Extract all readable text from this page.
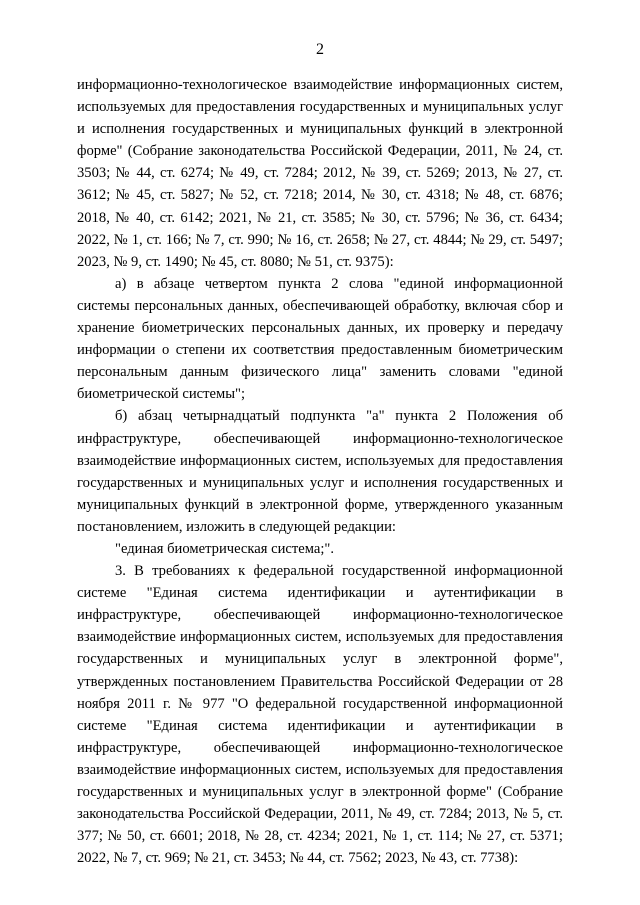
2

информационно-технологическое взаимодействие информационных систем, используемых для предоставления государственных и муниципальных услуг и исполнения государственных и муниципальных функций в электронной форме" (Собрание законодательства Российской Федерации, 2011, № 24, ст. 3503; № 44, ст. 6274; № 49, ст. 7284; 2012, № 39, ст. 5269; 2013, № 27, ст. 3612; № 45, ст. 5827; № 52, ст. 7218; 2014, № 30, ст. 4318; № 48, ст. 6876; 2018, № 40, ст. 6142; 2021, № 21, ст. 3585; № 30, ст. 5796; № 36, ст. 6434; 2022, № 1, ст. 166; № 7, ст. 990; № 16, ст. 2658; № 27, ст. 4844; № 29, ст. 5497; 2023, № 9, ст. 1490; № 45, ст. 8080; № 51, ст. 9375):

а) в абзаце четвертом пункта 2 слова "единой информационной системы персональных данных, обеспечивающей обработку, включая сбор и хранение биометрических персональных данных, их проверку и передачу информации о степени их соответствия предоставленным биометрическим персональным данным физического лица" заменить словами "единой биометрической системы";

б) абзац четырнадцатый подпункта "а" пункта 2 Положения об инфраструктуре, обеспечивающей информационно-технологическое взаимодействие информационных систем, используемых для предоставления государственных и муниципальных услуг и исполнения государственных и муниципальных функций в электронной форме, утвержденного указанным постановлением, изложить в следующей редакции:

"единая биометрическая система;".

3. В требованиях к федеральной государственной информационной системе "Единая система идентификации и аутентификации в инфраструктуре, обеспечивающей информационно-технологическое взаимодействие информационных систем, используемых для предоставления государственных и муниципальных услуг в электронной форме", утвержденных постановлением Правительства Российской Федерации от 28 ноября 2011 г. № 977 "О федеральной государственной информационной системе "Единая система идентификации и аутентификации в инфраструктуре, обеспечивающей информационно-технологическое взаимодействие информационных систем, используемых для предоставления государственных и муниципальных услуг в электронной форме" (Собрание законодательства Российской Федерации, 2011, № 49, ст. 7284; 2013, № 5, ст. 377; № 50, ст. 6601; 2018, № 28, ст. 4234; 2021, № 1, ст. 114; № 27, ст. 5371; 2022, № 7, ст. 969; № 21, ст. 3453; № 44, ст. 7562; 2023, № 43, ст. 7738):
